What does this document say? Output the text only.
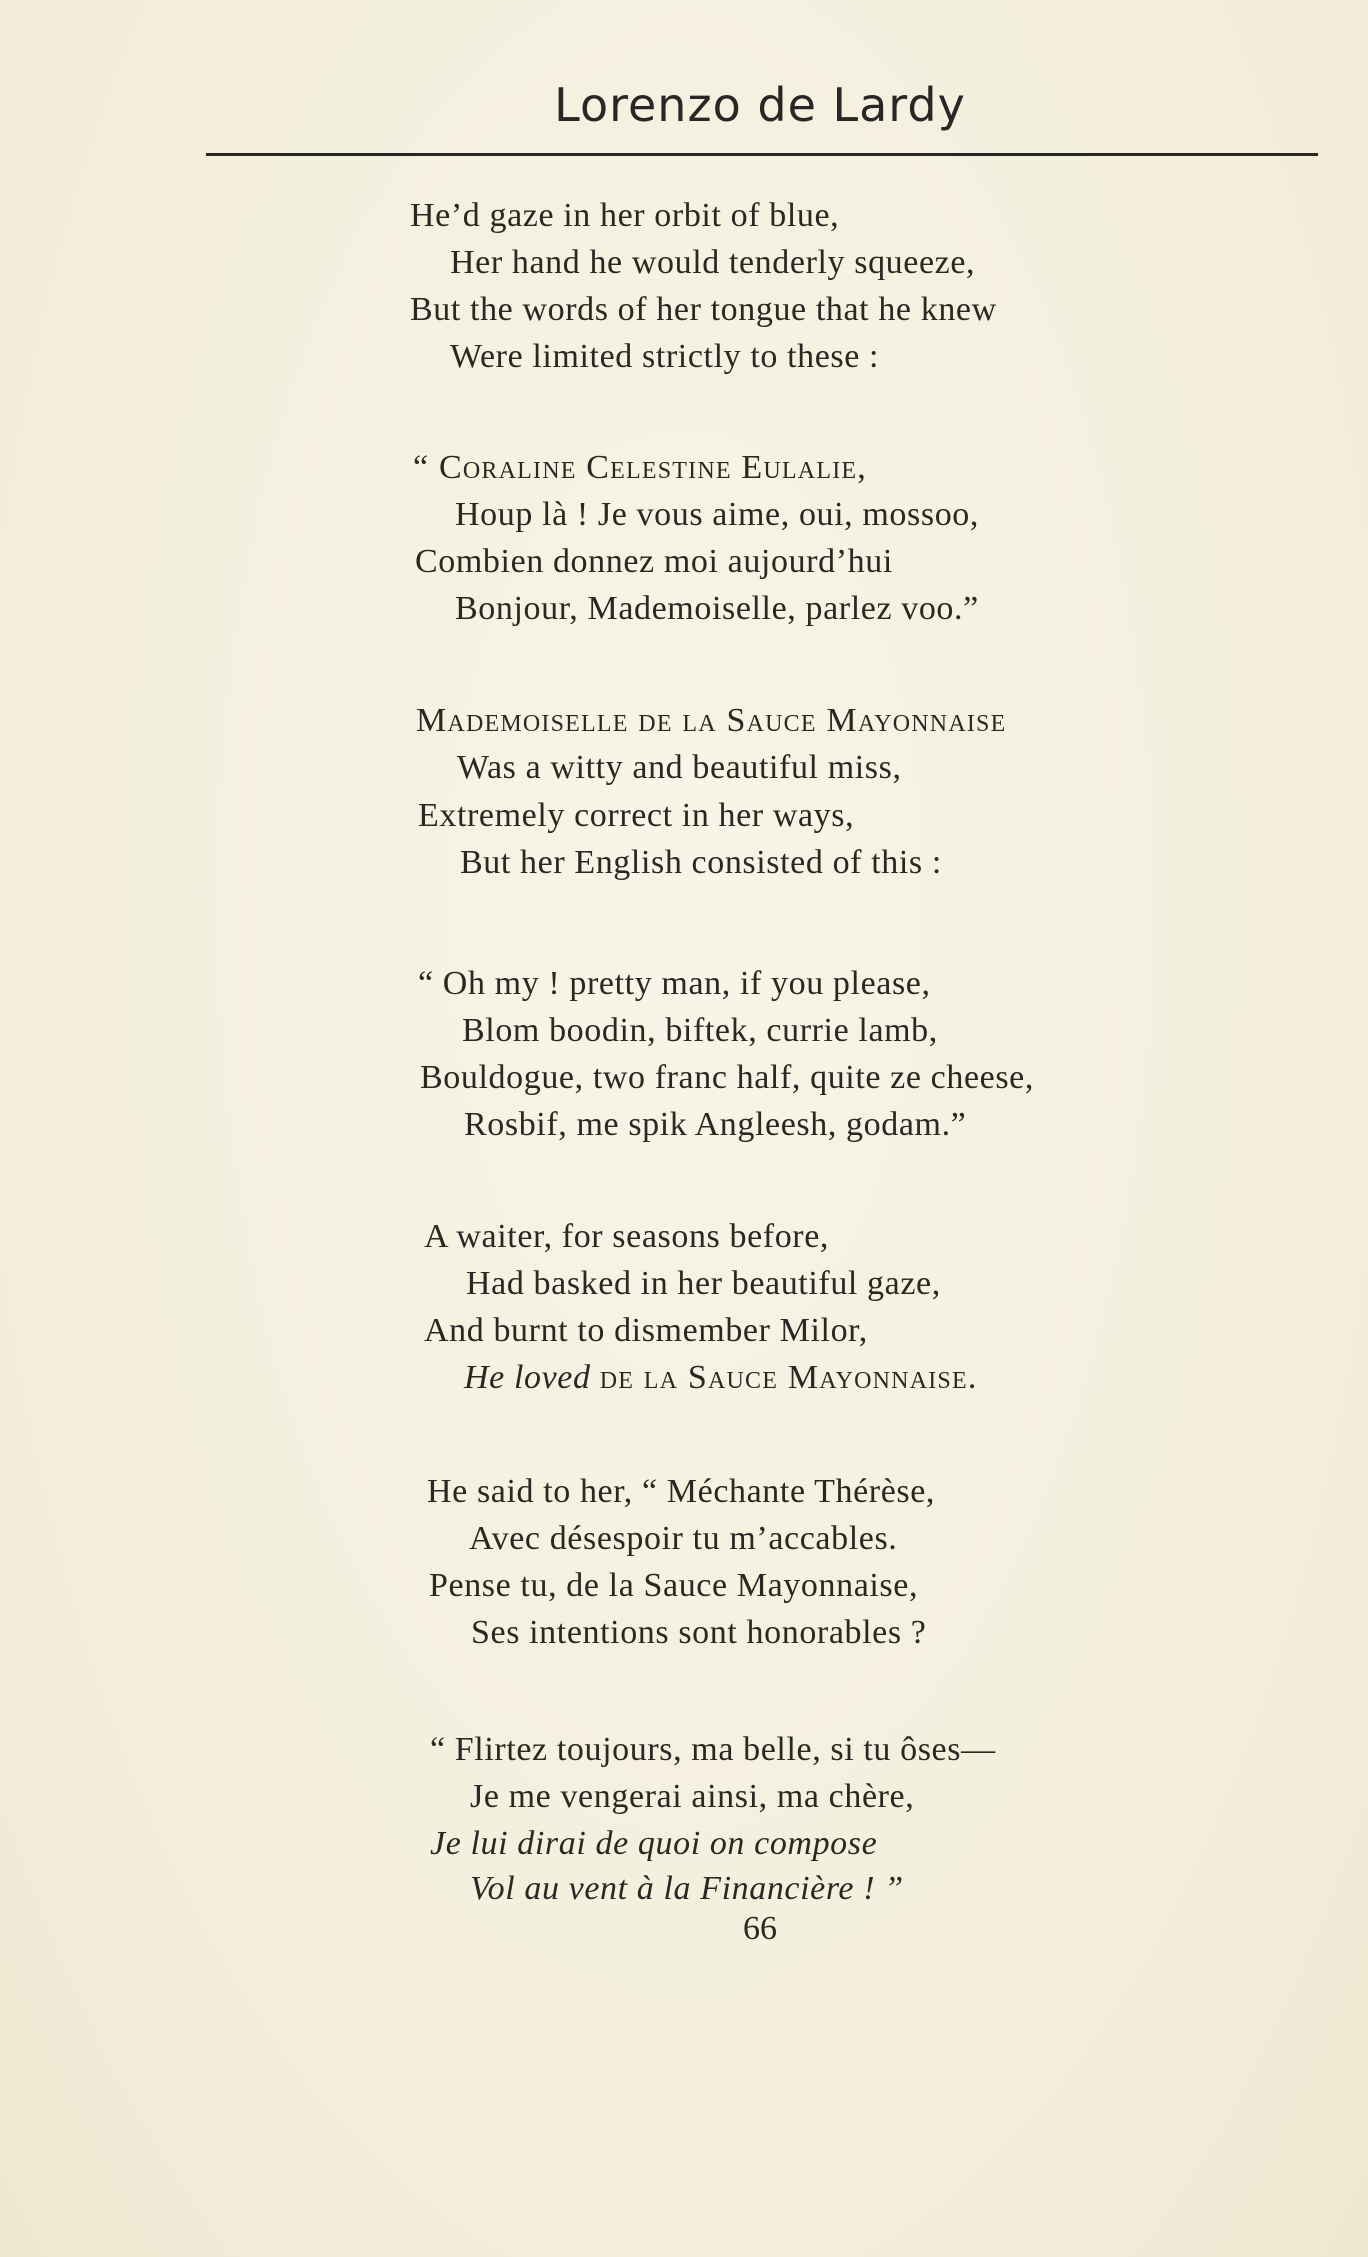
Lorenzo de Lardy
He’d gaze in her orbit of blue,
Her hand he would tenderly squeeze,
But the words of her tongue that he knew
Were limited strictly to these :
“ Coraline Celestine Eulalie,
Houp là ! Je vous aime, oui, mossoo,
Combien donnez moi aujourd’hui
Bonjour, Mademoiselle, parlez voo.”
Mademoiselle de la Sauce Mayonnaise
Was a witty and beautiful miss,
Extremely correct in her ways,
But her English consisted of this :
“ Oh my ! pretty man, if you please,
Blom boodin, biftek, currie lamb,
Bouldogue, two franc half, quite ze cheese,
Rosbif, me spik Angleesh, godam.”
A waiter, for seasons before,
Had basked in her beautiful gaze,
And burnt to dismember Milor,
He loved de la Sauce Mayonnaise.
He said to her, “ Méchante Thérèse,
Avec désespoir tu m’accables.
Pense tu, de la Sauce Mayonnaise,
Ses intentions sont honorables ?
“ Flirtez toujours, ma belle, si tu ôses—
Je me vengerai ainsi, ma chère,
Je lui dirai de quoi on compose
Vol au vent à la Financière ! ”
66
